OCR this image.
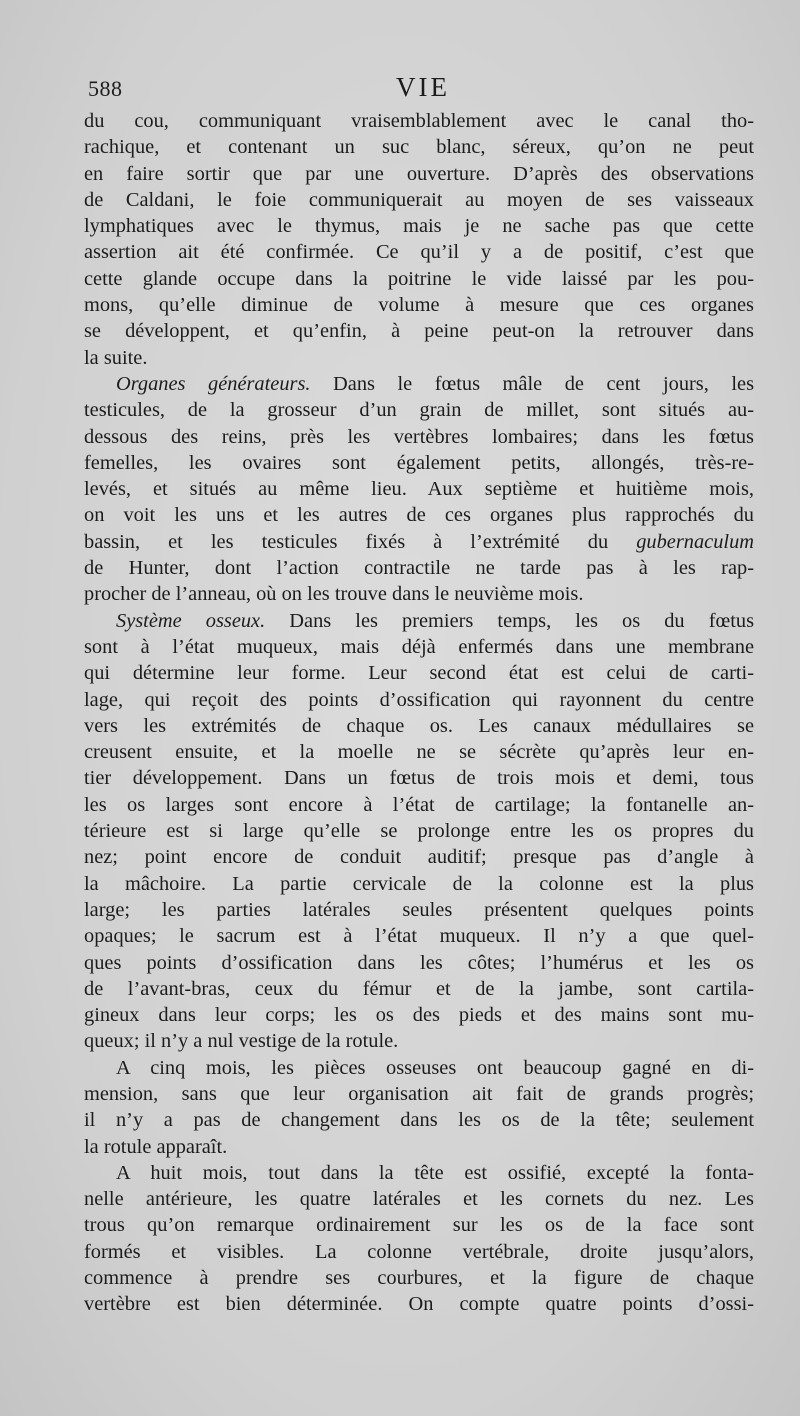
588	VIE
du cou, communiquant vraisemblablement avec le canal tho-
rachique, et contenant un suc blanc, séreux, qu’on ne peut
en faire sortir que par une ouverture. D’après des observations
de Caldani, le foie communiquerait au moyen de ses vaisseaux
lymphatiques avec le thymus, mais je ne sache pas que cette
assertion ait été confirmée. Ce qu’il y a de positif, c’est que
cette glande occupe dans la poitrine le vide laissé par les pou-
mons, qu’elle diminue de volume à mesure que ces organes
se développent, et qu’enfin, à peine peut-on la retrouver dans
la suite.
Organes générateurs. Dans le fœtus mâle de cent jours, les
testicules, de la grosseur d’un grain de millet, sont situés au-
dessous des reins, près les vertèbres lombaires; dans les fœtus
femelles, les ovaires sont également petits, allongés, très-re-
levés, et situés au même lieu. Aux septième et huitième mois,
on voit les uns et les autres de ces organes plus rapprochés du
bassin, et les testicules fixés à l’extrémité du gubernaculum
de Hunter, dont l’action contractile ne tarde pas à les rap-
procher de l’anneau, où on les trouve dans le neuvième mois.
Système osseux. Dans les premiers temps, les os du fœtus
sont à l’état muqueux, mais déjà enfermés dans une membrane
qui détermine leur forme. Leur second état est celui de carti-
lage, qui reçoit des points d’ossification qui rayonnent du centre
vers les extrémités de chaque os. Les canaux médullaires se
creusent ensuite, et la moelle ne se sécrète qu’après leur en-
tier développement. Dans un fœtus de trois mois et demi, tous
les os larges sont encore à l’état de cartilage; la fontanelle an-
térieure est si large qu’elle se prolonge entre les os propres du
nez; point encore de conduit auditif; presque pas d’angle à
la mâchoire. La partie cervicale de la colonne est la plus
large; les parties latérales seules présentent quelques points
opaques; le sacrum est à l’état muqueux. Il n’y a que quel-
ques points d’ossification dans les côtes; l’humérus et les os
de l’avant-bras, ceux du fémur et de la jambe, sont cartila-
gineux dans leur corps; les os des pieds et des mains sont mu-
queux; il n’y a nul vestige de la rotule.
A cinq mois, les pièces osseuses ont beaucoup gagné en di-
mension, sans que leur organisation ait fait de grands progrès;
il n’y a pas de changement dans les os de la tête; seulement
la rotule apparaît.
A huit mois, tout dans la tête est ossifié, excepté la fonta-
nelle antérieure, les quatre latérales et les cornets du nez. Les
trous qu’on remarque ordinairement sur les os de la face sont
formés et visibles. La colonne vertébrale, droite jusqu’alors,
commence à prendre ses courbures, et la figure de chaque
vertèbre est bien déterminée. On compte quatre points d’ossi-
